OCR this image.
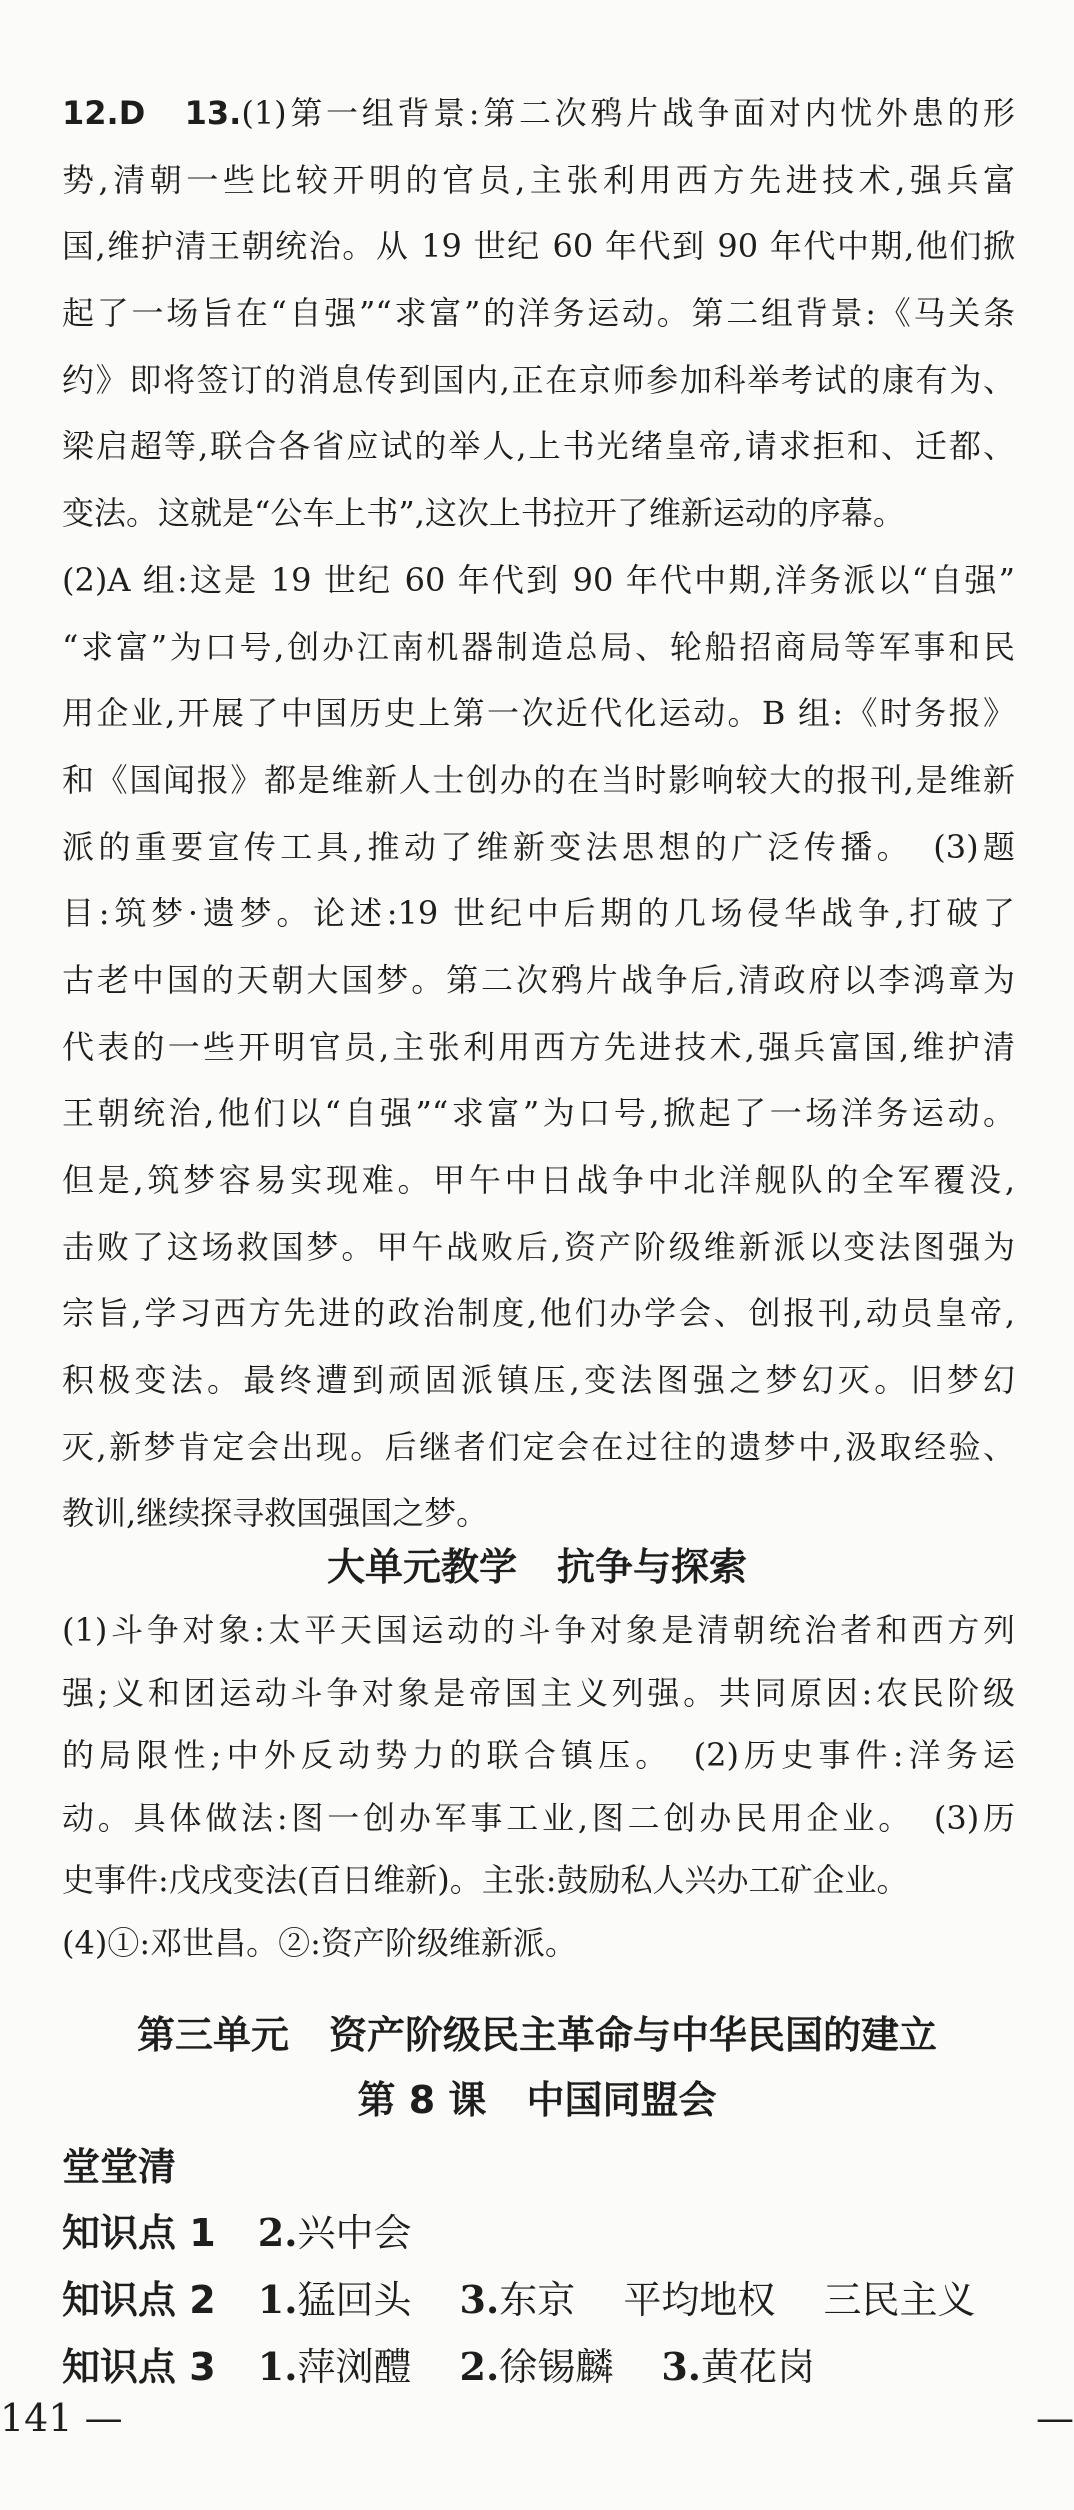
12.D　 13.(1)第一组背景:第二次鸦片战争面对内忧外患的形
势,清朝一些比较开明的官员,主张利用西方先进技术,强兵富
国,维护清王朝统治。从 19 世纪 60 年代到 90 年代中期,他们掀
起了一场旨在“自强”“求富”的洋务运动。第二组背景:《马关条
约》即将签订的消息传到国内,正在京师参加科举考试的康有为、
梁启超等,联合各省应试的举人,上书光绪皇帝,请求拒和、迁都、
变法。这就是“公车上书”,这次上书拉开了维新运动的序幕。
(2)A 组:这是 19 世纪 60 年代到 90 年代中期,洋务派以“自强”
“求富”为口号,创办江南机器制造总局、轮船招商局等军事和民
用企业,开展了中国历史上第一次近代化运动。B 组:《时务报》
和《国闻报》都是维新人士创办的在当时影响较大的报刊,是维新
派的重要宣传工具,推动了维新变法思想的广泛传播。　(3)题
目:筑梦·遗梦。论述:19 世纪中后期的几场侵华战争,打破了
古老中国的天朝大国梦。第二次鸦片战争后,清政府以李鸿章为
代表的一些开明官员,主张利用西方先进技术,强兵富国,维护清
王朝统治,他们以“自强”“求富”为口号,掀起了一场洋务运动。
但是,筑梦容易实现难。甲午中日战争中北洋舰队的全军覆没,
击败了这场救国梦。甲午战败后,资产阶级维新派以变法图强为
宗旨,学习西方先进的政治制度,他们办学会、创报刊,动员皇帝,
积极变法。最终遭到顽固派镇压,变法图强之梦幻灭。旧梦幻
灭,新梦肯定会出现。后继者们定会在过往的遗梦中,汲取经验、
教训,继续探寻救国强国之梦。
大单元教学 抗争与探索
(1)斗争对象:太平天国运动的斗争对象是清朝统治者和西方列
强;义和团运动斗争对象是帝国主义列强。共同原因:农民阶级
的局限性;中外反动势力的联合镇压。　(2)历史事件:洋务运
动。具体做法:图一创办军事工业,图二创办民用企业。　(3)历
史事件:戊戌变法(百日维新)。主张:鼓励私人兴办工矿企业。
(4)①:邓世昌。②:资产阶级维新派。
第三单元 资产阶级民主革命与中华民国的建立
第 8 课 中国同盟会
堂堂清
知识点 1 2.兴中会
知识点 2 1.猛回头 3.东京 平均地权 三民主义
知识点 3 1.萍浏醴 2.徐锡麟 3.黄花岗
141 —	—
